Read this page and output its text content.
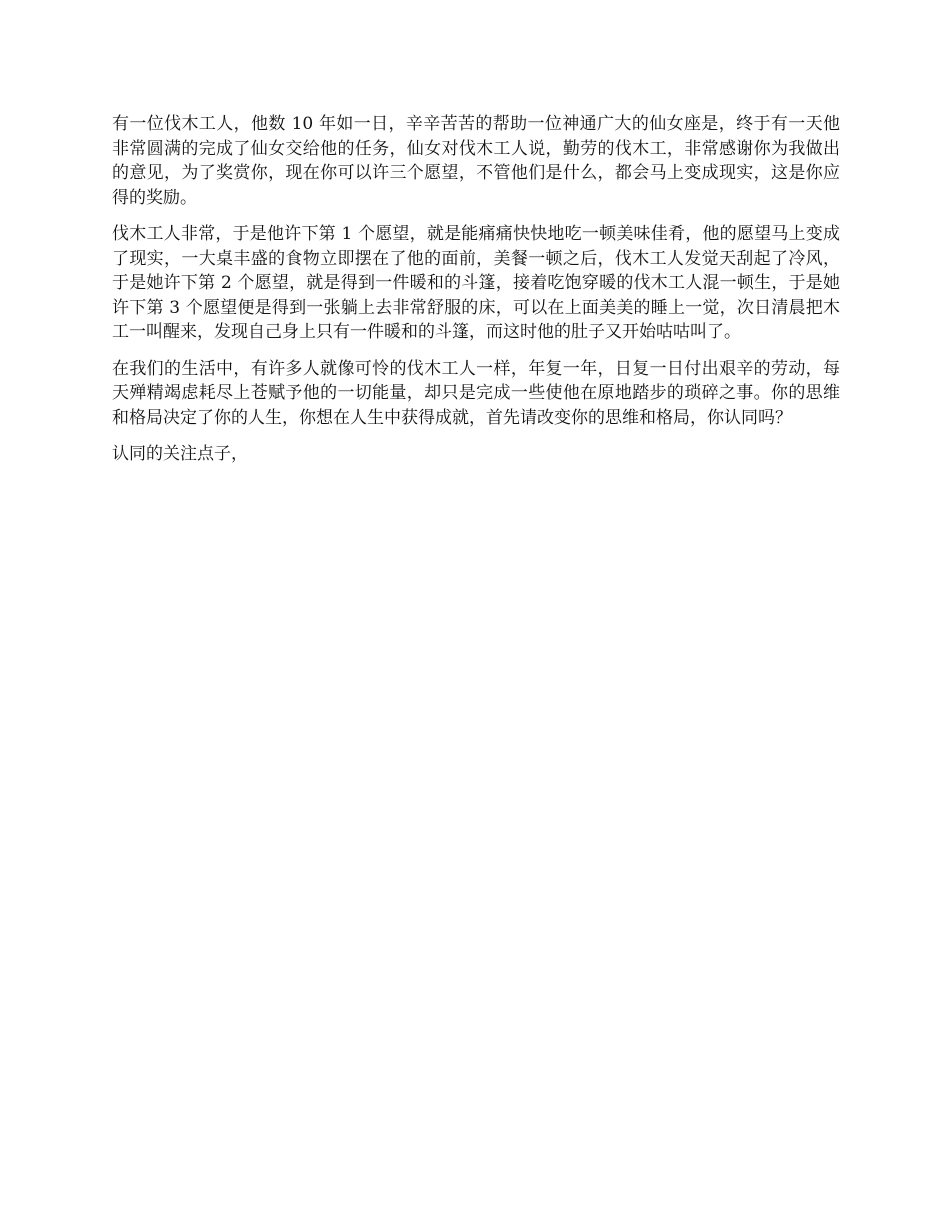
有一位伐木工人，他数 10 年如一日，辛辛苦苦的帮助一位神通广大的仙女座是，终于有一天他非常圆满的完成了仙女交给他的任务，仙女对伐木工人说，勤劳的伐木工，非常感谢你为我做出的意见，为了奖赏你，现在你可以许三个愿望，不管他们是什么，都会马上变成现实，这是你应得的奖励。

伐木工人非常，于是他许下第 1 个愿望，就是能痛痛快快地吃一顿美味佳肴，他的愿望马上变成了现实，一大桌丰盛的食物立即摆在了他的面前，美餐一顿之后，伐木工人发觉天刮起了冷风，于是她许下第 2 个愿望，就是得到一件暖和的斗篷，接着吃饱穿暖的伐木工人混一顿生，于是她许下第 3 个愿望便是得到一张躺上去非常舒服的床，可以在上面美美的睡上一觉，次日清晨把木工一叫醒来，发现自己身上只有一件暖和的斗篷，而这时他的肚子又开始咕咕叫了。

在我们的生活中，有许多人就像可怜的伐木工人一样，年复一年，日复一日付出艰辛的劳动，每天殚精竭虑耗尽上苍赋予他的一切能量，却只是完成一些使他在原地踏步的琐碎之事。你的思维和格局决定了你的人生，你想在人生中获得成就，首先请改变你的思维和格局，你认同吗？

认同的关注点子，
